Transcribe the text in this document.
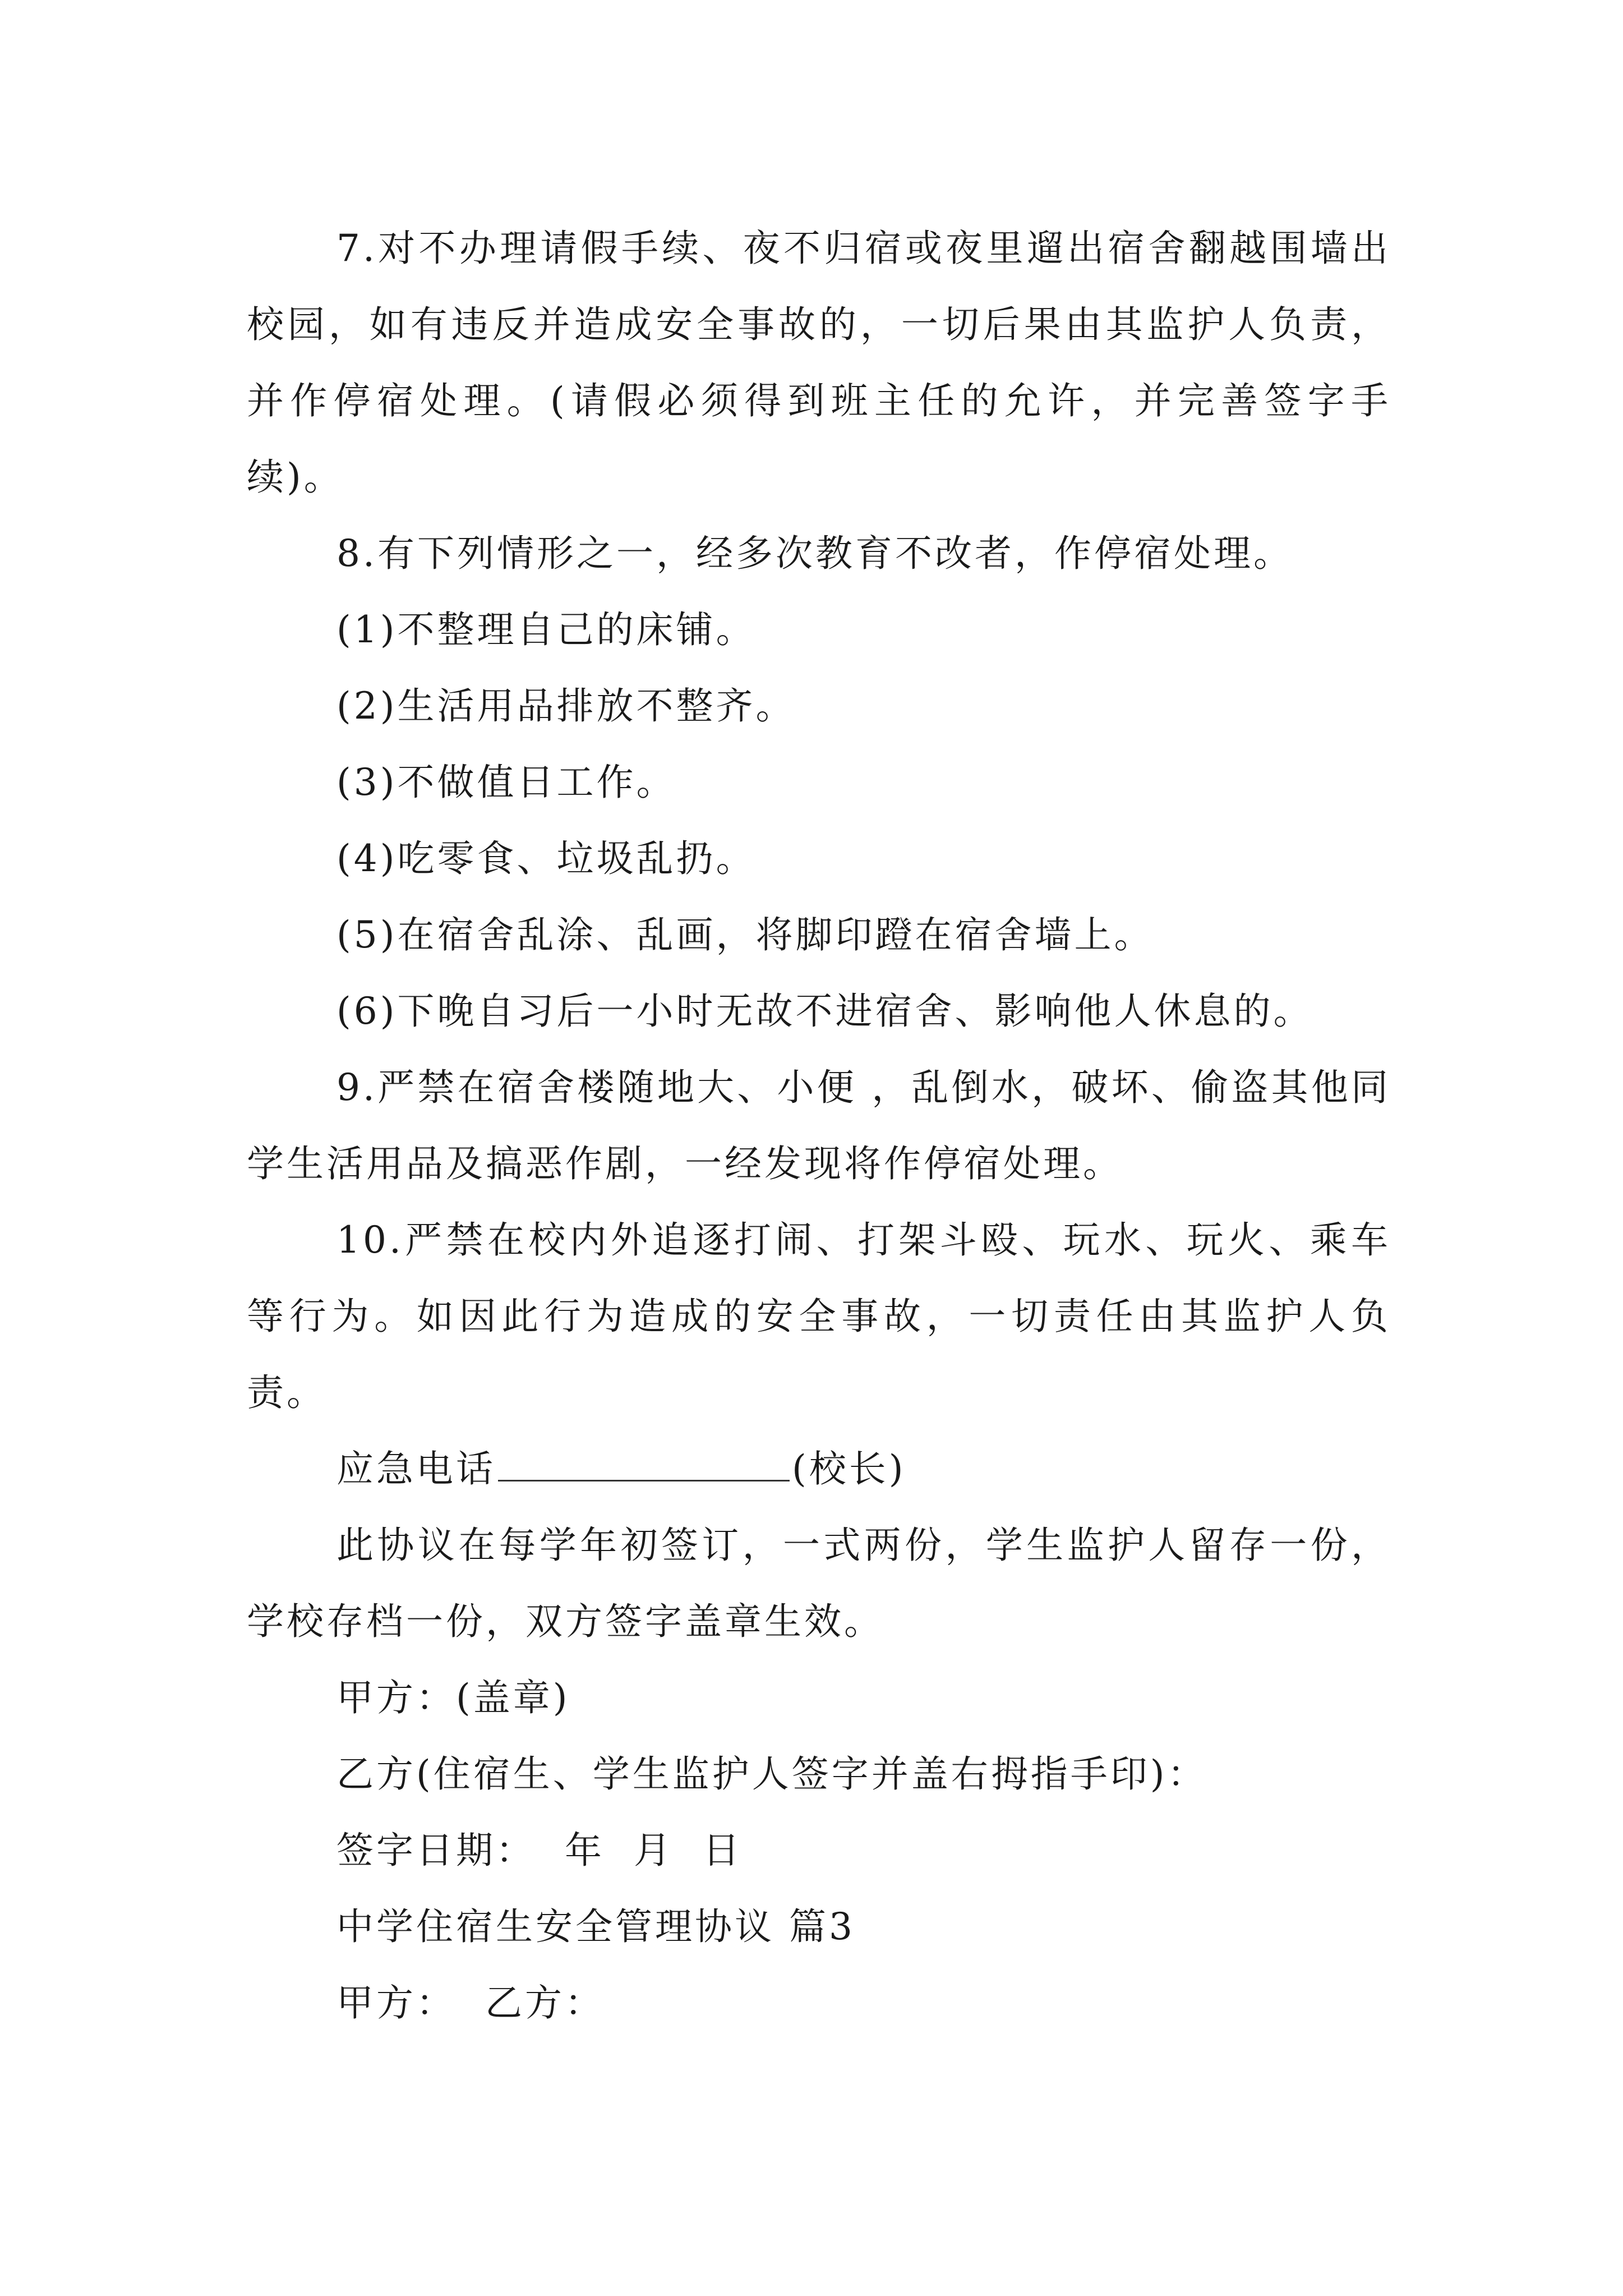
7.对不办理请假手续、夜不归宿或夜里遛出宿舍翻越围墙出校园，如有违反并造成安全事故的，一切后果由其监护人负责，并作停宿处理。(请假必须得到班主任的允许，并完善签字手续)。

8.有下列情形之一，经多次教育不改者，作停宿处理。

(1)不整理自己的床铺。

(2)生活用品排放不整齐。

(3)不做值日工作。

(4)吃零食、垃圾乱扔。

(5)在宿舍乱涂、乱画，将脚印蹬在宿舍墙上。

(6)下晚自习后一小时无故不进宿舍、影响他人休息的。

9.严禁在宿舍楼随地大、小便 ，乱倒水，破坏、偷盗其他同学生活用品及搞恶作剧，一经发现将作停宿处理。

10.严禁在校内外追逐打闹、打架斗殴、玩水、玩火、乘车等行为。如因此行为造成的安全事故，一切责任由其监护人负责。

应急电话	(校长)

此协议在每学年初签订，一式两份，学生监护人留存一份，学校存档一份，双方签字盖章生效。

甲方：(盖章)

乙方(住宿生、学生监护人签字并盖右拇指手印)：

签字日期：  年  月  日

中学住宿生安全管理协议 篇3

甲方：  乙方：
